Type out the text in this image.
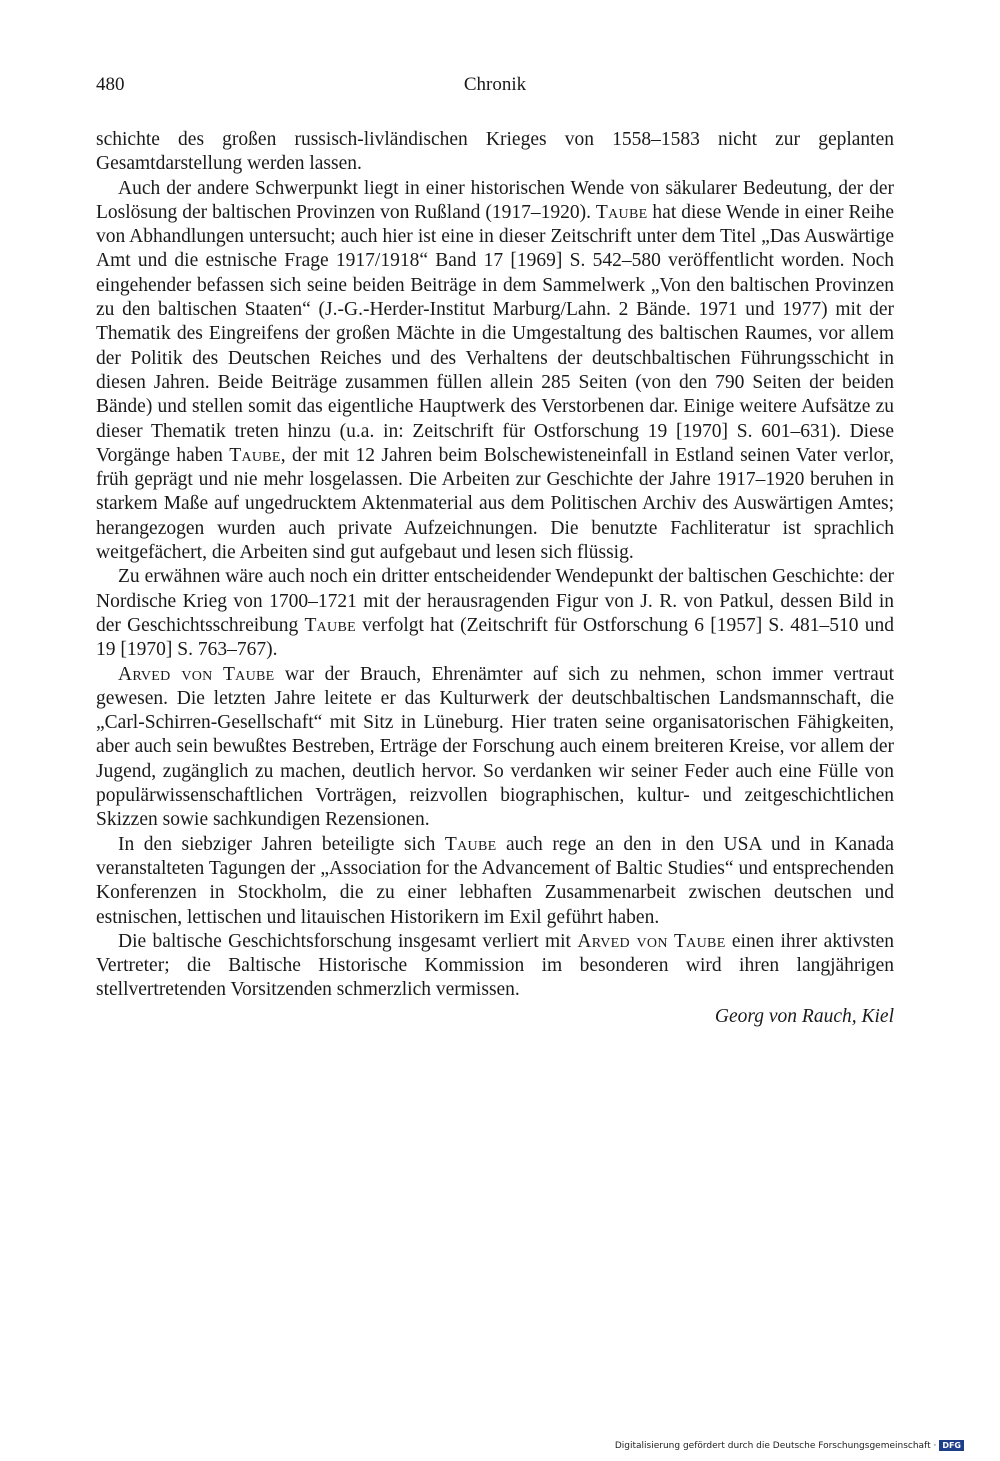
480	Chronik

schichte des großen russisch-livländischen Krieges von 1558–1583 nicht zur geplanten Gesamtdarstellung werden lassen.

Auch der andere Schwerpunkt liegt in einer historischen Wende von säkularer Bedeutung, der der Loslösung der baltischen Provinzen von Rußland (1917–1920). Taube hat diese Wende in einer Reihe von Abhandlungen untersucht; auch hier ist eine in dieser Zeitschrift unter dem Titel „Das Auswärtige Amt und die estnische Frage 1917/1918“ Band 17 [1969] S. 542–580 veröffentlicht worden. Noch eingehender befassen sich seine beiden Beiträge in dem Sammelwerk „Von den baltischen Provinzen zu den baltischen Staaten“ (J.-G.-Herder-Institut Marburg/Lahn. 2 Bände. 1971 und 1977) mit der Thematik des Eingreifens der großen Mächte in die Umgestaltung des baltischen Raumes, vor allem der Politik des Deutschen Reiches und des Verhaltens der deutschbaltischen Führungsschicht in diesen Jahren. Beide Beiträge zusammen füllen allein 285 Seiten (von den 790 Seiten der beiden Bände) und stellen somit das eigentliche Hauptwerk des Verstorbenen dar. Einige weitere Aufsätze zu dieser Thematik treten hinzu (u.a. in: Zeitschrift für Ostforschung 19 [1970] S. 601–631). Diese Vorgänge haben Taube, der mit 12 Jahren beim Bolschewisteneinfall in Estland seinen Vater verlor, früh geprägt und nie mehr losgelassen. Die Arbeiten zur Geschichte der Jahre 1917–1920 beruhen in starkem Maße auf ungedrucktem Aktenmaterial aus dem Politischen Archiv des Auswärtigen Amtes; herangezogen wurden auch private Aufzeichnungen. Die benutzte Fachliteratur ist sprachlich weitgefächert, die Arbeiten sind gut aufgebaut und lesen sich flüssig.

Zu erwähnen wäre auch noch ein dritter entscheidender Wendepunkt der baltischen Geschichte: der Nordische Krieg von 1700–1721 mit der herausragenden Figur von J. R. von Patkul, dessen Bild in der Geschichtsschreibung Taube verfolgt hat (Zeitschrift für Ostforschung 6 [1957] S. 481–510 und 19 [1970] S. 763–767).

Arved von Taube war der Brauch, Ehrenämter auf sich zu nehmen, schon immer vertraut gewesen. Die letzten Jahre leitete er das Kulturwerk der deutschbaltischen Landsmannschaft, die „Carl-Schirren-Gesellschaft“ mit Sitz in Lüneburg. Hier traten seine organisatorischen Fähigkeiten, aber auch sein bewußtes Bestreben, Erträge der Forschung auch einem breiteren Kreise, vor allem der Jugend, zugänglich zu machen, deutlich hervor. So verdanken wir seiner Feder auch eine Fülle von populärwissenschaftlichen Vorträgen, reizvollen biographischen, kultur- und zeitgeschichtlichen Skizzen sowie sachkundigen Rezensionen.

In den siebziger Jahren beteiligte sich Taube auch rege an den in den USA und in Kanada veranstalteten Tagungen der „Association for the Advancement of Baltic Studies“ und entsprechenden Konferenzen in Stockholm, die zu einer lebhaften Zusammenarbeit zwischen deutschen und estnischen, lettischen und litauischen Historikern im Exil geführt haben.

Die baltische Geschichtsforschung insgesamt verliert mit Arved von Taube einen ihrer aktivsten Vertreter; die Baltische Historische Kommission im besonderen wird ihren langjährigen stellvertretenden Vorsitzenden schmerzlich vermissen.

Georg von Rauch, Kiel
Digitalisierung gefördert durch die Deutsche Forschungsgemeinschaft · DFG
